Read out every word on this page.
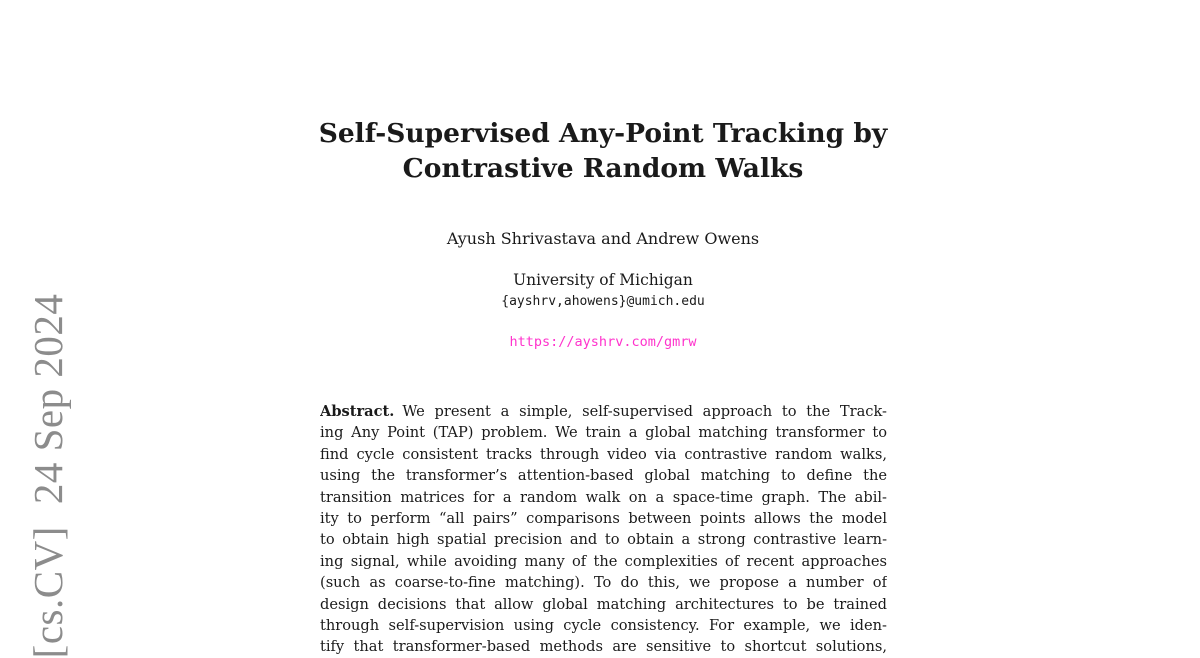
[cs.CV]24 Sep 2024
Self-Supervised Any-Point Tracking by
Contrastive Random Walks

Ayush Shrivastava and Andrew Owens

University of Michigan

{ayshrv,ahowens}@umich.edu

https://ayshrv.com/gmrw

Abstract. We present a simple, self-supervised approach to the Track-
ing Any Point (TAP) problem. We train a global matching transformer to
find cycle consistent tracks through video via contrastive random walks,
using the transformer’s attention-based global matching to define the
transition matrices for a random walk on a space-time graph. The abil-
ity to perform “all pairs” comparisons between points allows the model
to obtain high spatial precision and to obtain a strong contrastive learn-
ing signal, while avoiding many of the complexities of recent approaches
(such as coarse-to-fine matching). To do this, we propose a number of
design decisions that allow global matching architectures to be trained
through self-supervision using cycle consistency. For example, we iden-
tify that transformer-based methods are sensitive to shortcut solutions,
